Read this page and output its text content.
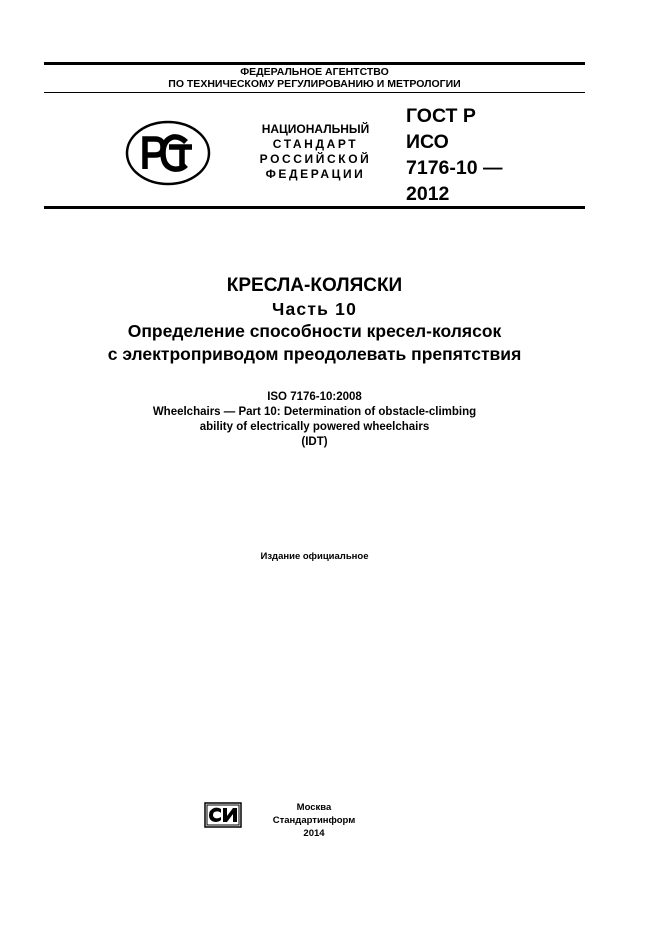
ФЕДЕРАЛЬНОЕ АГЕНТСТВО
ПО ТЕХНИЧЕСКОМУ РЕГУЛИРОВАНИЮ И МЕТРОЛОГИИ
НАЦИОНАЛЬНЫЙ
СТАНДАРТ
РОССИЙСКОЙ
ФЕДЕРАЦИИ
ГОСТ Р
ИСО
7176-10 —
2012
КРЕСЛА-КОЛЯСКИ
Часть 10
Определение способности кресел-колясок
с электроприводом преодолевать препятствия
ISO 7176-10:2008
Wheelchairs — Part 10: Determination of obstacle-climbing
ability of electrically powered wheelchairs
(IDT)
Издание официальное
Москва
Стандартинформ
2014
